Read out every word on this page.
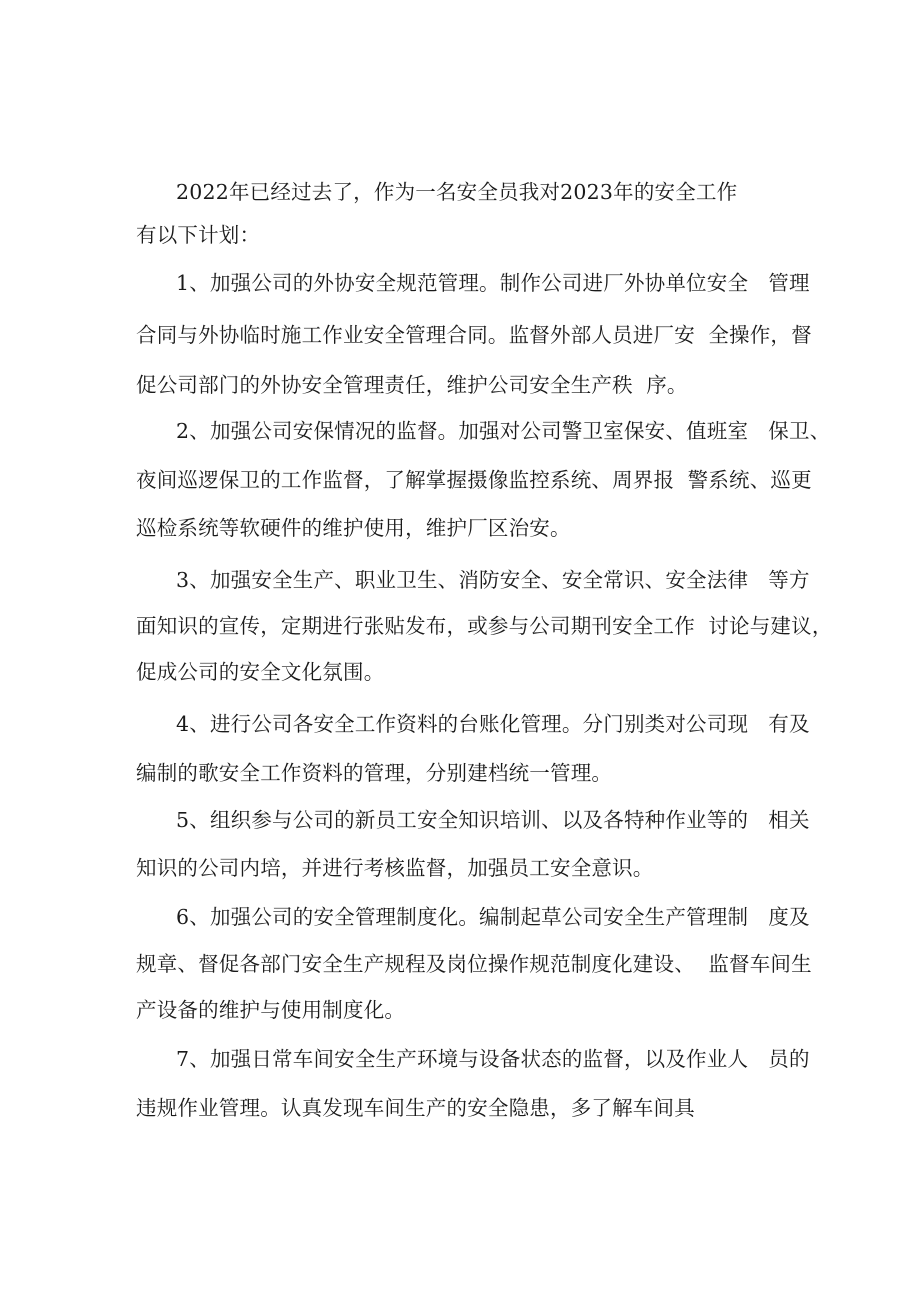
2022年已经过去了，作为一名安全员我对2023年的安全工作
有以下计划：
1、加强公司的外协安全规范管理。制作公司进厂外协单位安全   管理
合同与外协临时施工作业安全管理合同。监督外部人员进厂安  全操作，督
促公司部门的外协安全管理责任，维护公司安全生产秩  序。
2、加强公司安保情况的监督。加强对公司警卫室保安、值班室   保卫、
夜间巡逻保卫的工作监督，了解掌握摄像监控系统、周界报  警系统、巡更
巡检系统等软硬件的维护使用，维护厂区治安。
3、加强安全生产、职业卫生、消防安全、安全常识、安全法律   等方
面知识的宣传，定期进行张贴发布，或参与公司期刊安全工作  讨论与建议，
促成公司的安全文化氛围。
4、进行公司各安全工作资料的台账化管理。分门别类对公司现   有及
编制的歌安全工作资料的管理，分别建档统一管理。
5、组织参与公司的新员工安全知识培训、以及各特种作业等的   相关
知识的公司内培，并进行考核监督，加强员工安全意识。
6、加强公司的安全管理制度化。编制起草公司安全生产管理制   度及
规章、督促各部门安全生产规程及岗位操作规范制度化建设、  监督车间生
产设备的维护与使用制度化。
7、加强日常车间安全生产环境与设备状态的监督，以及作业人   员的
违规作业管理。认真发现车间生产的安全隐患，多了解车间具
